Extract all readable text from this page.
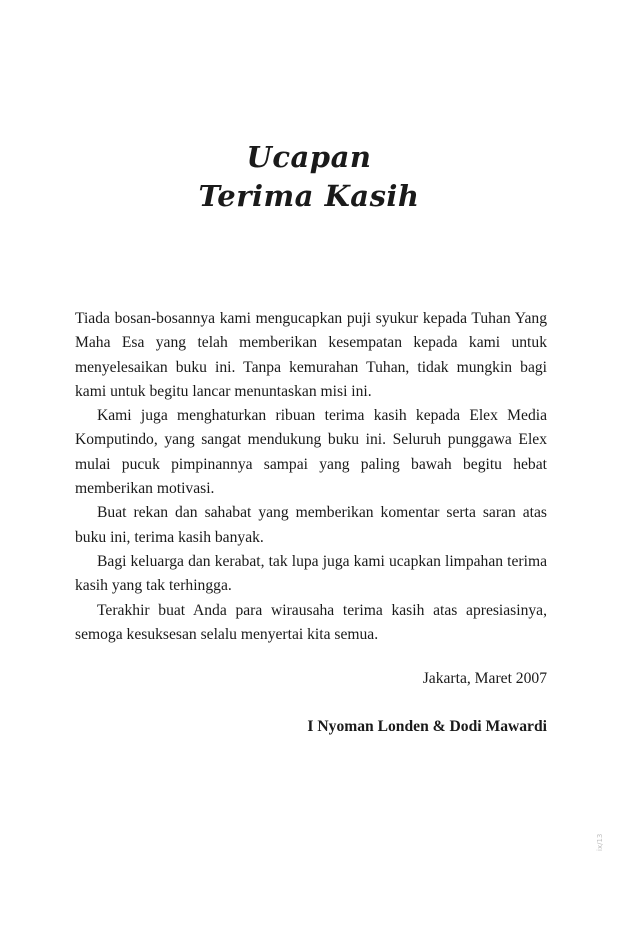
Ucapan
Terima Kasih

Tiada bosan-bosannya kami mengucapkan puji syukur kepada Tuhan Yang Maha Esa yang telah memberikan kesempatan kepada kami untuk menyelesaikan buku ini. Tanpa kemurahan Tuhan, tidak mungkin bagi kami untuk begitu lancar menuntaskan misi ini.

Kami juga menghaturkan ribuan terima kasih kepada Elex Media Komputindo, yang sangat mendukung buku ini. Seluruh punggawa Elex mulai pucuk pimpinannya sampai yang paling bawah begitu hebat memberikan motivasi.

Buat rekan dan sahabat yang memberikan komentar serta saran atas buku ini, terima kasih banyak.

Bagi keluarga dan kerabat, tak lupa juga kami ucapkan limpahan terima kasih yang tak terhingga.

Terakhir buat Anda para wirausaha terima kasih atas apresiasinya, semoga kesuksesan selalu menyertai kita semua.

Jakarta, Maret 2007
I Nyoman Londen & Dodi Mawardi
ix/13
